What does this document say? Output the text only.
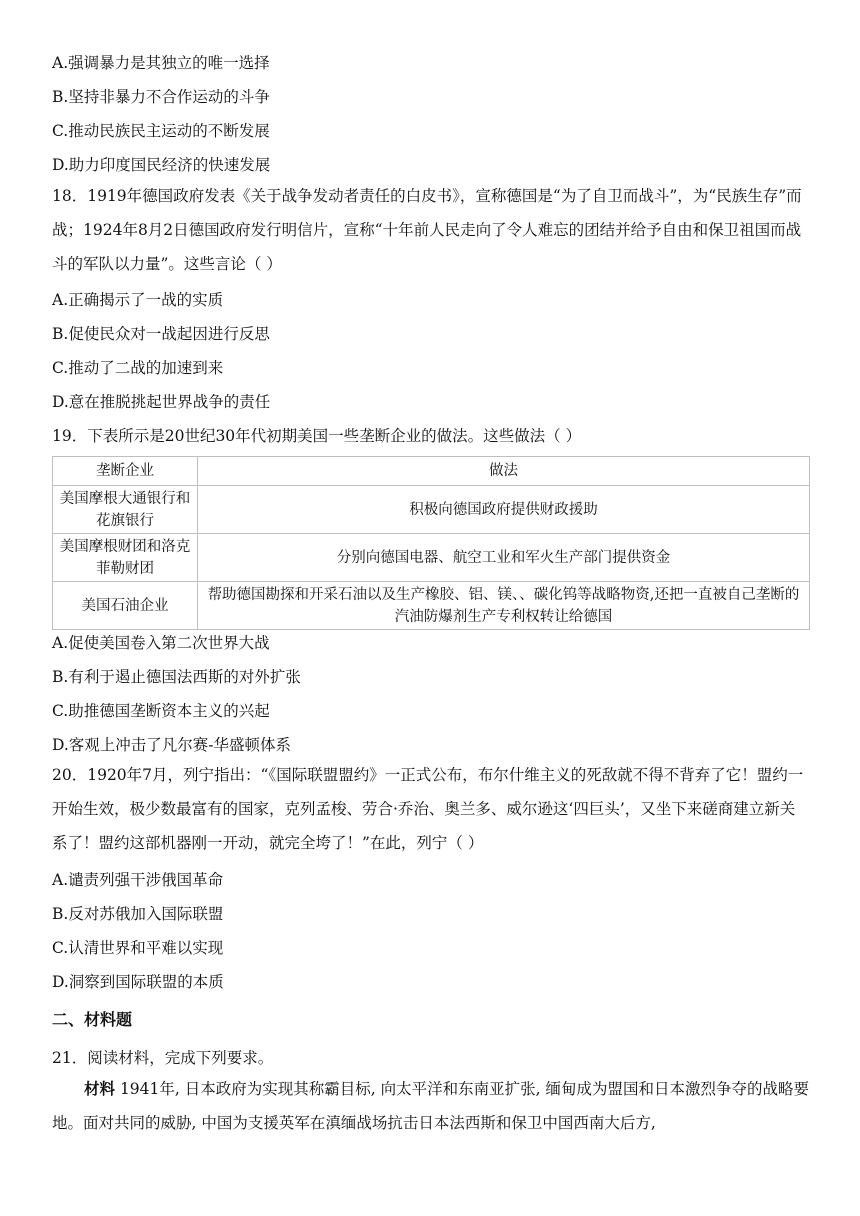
A.强调暴力是其独立的唯一选择
B.坚持非暴力不合作运动的斗争
C.推动民族民主运动的不断发展
D.助力印度国民经济的快速发展
18．1919年德国政府发表《关于战争发动者责任的白皮书》，宣称德国是“为了自卫而战斗”，为“民族生存”而战；1924年8月2日德国政府发行明信片，宣称“十年前人民走向了令人难忘的团结并给予自由和保卫祖国而战斗的军队以力量”。这些言论（ ）
A.正确揭示了一战的实质
B.促使民众对一战起因进行反思
C.推动了二战的加速到来
D.意在推脱挑起世界战争的责任
19．下表所示是20世纪30年代初期美国一些垄断企业的做法。这些做法（ ）
垄断企业	做法
美国摩根大通银行和花旗银行	积极向德国政府提供财政援助
美国摩根财团和洛克菲勒财团	分别向德国电器、航空工业和军火生产部门提供资金
美国石油企业	帮助德国勘探和开采石油以及生产橡胶、铝、镁、、碳化钨等战略物资,还把一直被自己垄断的汽油防爆剂生产专利权转让给德国
A.促使美国卷入第二次世界大战
B.有利于遏止德国法西斯的对外扩张
C.助推德国垄断资本主义的兴起
D.客观上冲击了凡尔赛-华盛顿体系
20．1920年7月，列宁指出：“《国际联盟盟约》一正式公布，布尔什维主义的死敌就不得不背弃了它！盟约一开始生效，极少数最富有的国家，克列孟梭、劳合·乔治、奥兰多、威尔逊这‘四巨头’，又坐下来磋商建立新关系了！盟约这部机器刚一开动，就完全垮了！”在此，列宁（ ）
A.谴责列强干涉俄国革命
B.反对苏俄加入国际联盟
C.认清世界和平难以实现
D.洞察到国际联盟的本质
二、材料题
21．阅读材料，完成下列要求。
材料 1941年, 日本政府为实现其称霸目标, 向太平洋和东南亚扩张, 缅甸成为盟国和日本激烈争夺的战略要地。面对共同的威胁, 中国为支援英军在滇缅战场抗击日本法西斯和保卫中国西南大后方,
